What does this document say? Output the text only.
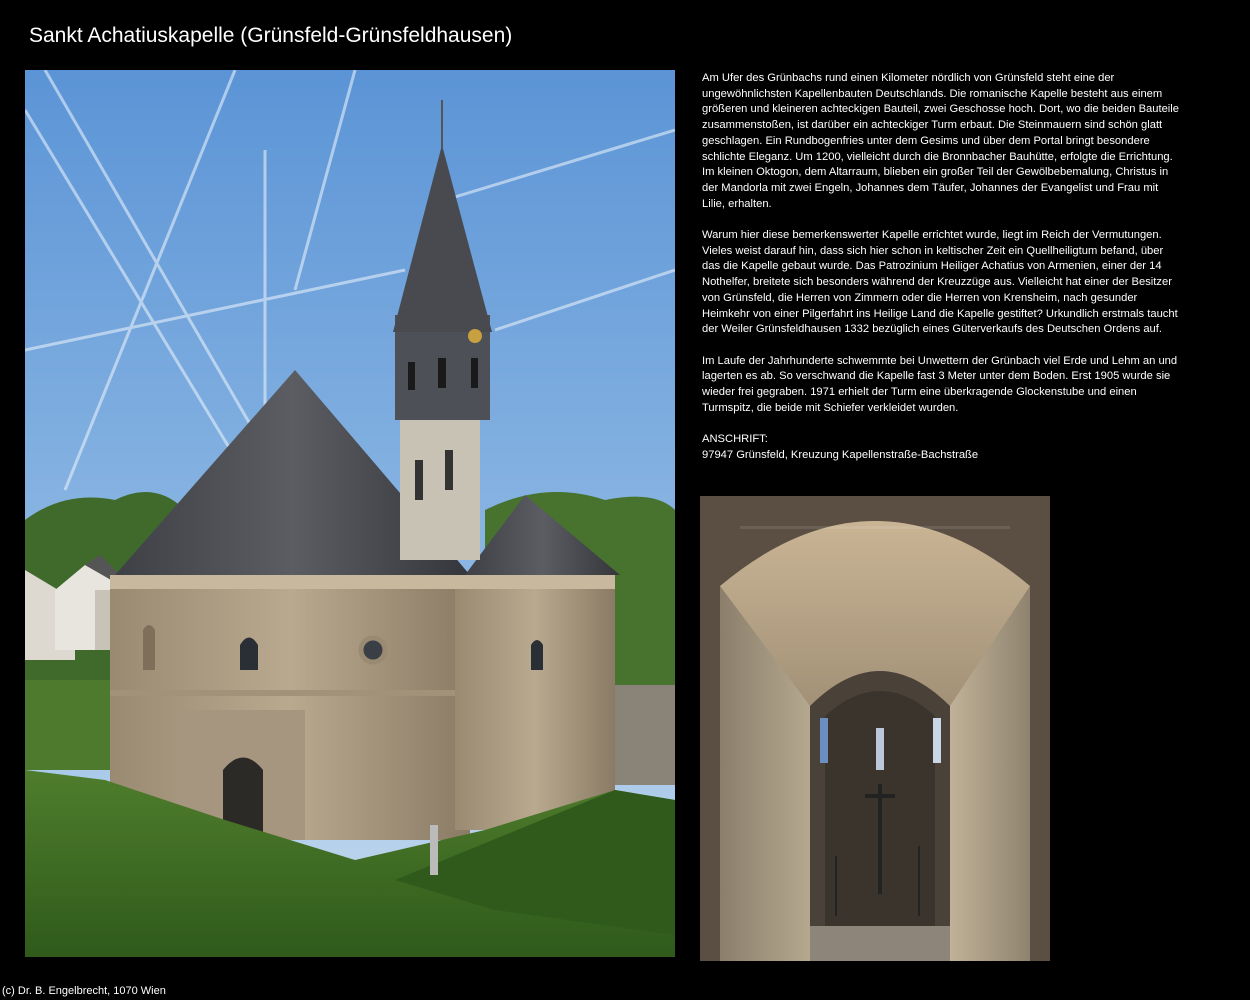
Sankt Achatiuskapelle (Grünsfeld-Grünsfeldhausen)

Am Ufer des Grünbachs rund einen Kilometer nördlich von Grünsfeld steht eine der ungewöhnlichsten Kapellenbauten Deutschlands. Die romanische Kapelle besteht aus einem größeren und kleineren achteckigen Bauteil, zwei Geschosse hoch. Dort, wo die beiden Bauteile zusammenstoßen, ist darüber ein achteckiger Turm erbaut. Die Steinmauern sind schön glatt geschlagen. Ein Rundbogenfries unter dem Gesims und über dem Portal bringt besondere schlichte Eleganz. Um 1200, vielleicht durch die Bronnbacher Bauhütte, erfolgte die Errichtung. Im kleinen Oktogon, dem Altarraum, blieben ein großer Teil der Gewölbebemalung, Christus in der Mandorla mit zwei Engeln, Johannes dem Täufer, Johannes der Evangelist und Frau mit Lilie, erhalten.

Warum hier diese bemerkenswerter Kapelle errichtet wurde, liegt im Reich der Vermutungen. Vieles weist darauf hin, dass sich hier schon in keltischer Zeit ein Quellheiligtum befand, über das die Kapelle gebaut wurde. Das Patrozinium Heiliger Achatius von Armenien, einer der 14 Nothelfer, breitete sich besonders während der Kreuzzüge aus. Vielleicht hat einer der Besitzer von Grünsfeld, die Herren von Zimmern oder die Herren von Krensheim, nach gesunder Heimkehr von einer Pilgerfahrt ins Heilige Land die Kapelle gestiftet? Urkundlich erstmals taucht der Weiler Grünsfeldhausen 1332 bezüglich eines Güterverkaufs des Deutschen Ordens auf.

Im Laufe der Jahrhunderte schwemmte bei Unwettern der Grünbach viel Erde und Lehm an und lagerten es ab. So verschwand die Kapelle fast 3 Meter unter dem Boden. Erst 1905 wurde sie wieder frei gegraben. 1971 erhielt der Turm eine überkragende Glockenstube und einen Turmspitz, die beide mit Schiefer verkleidet wurden.

ANSCHRIFT:
97947 Grünsfeld, Kreuzung Kapellenstraße-Bachstraße
(c) Dr. B. Engelbrecht, 1070 Wien
